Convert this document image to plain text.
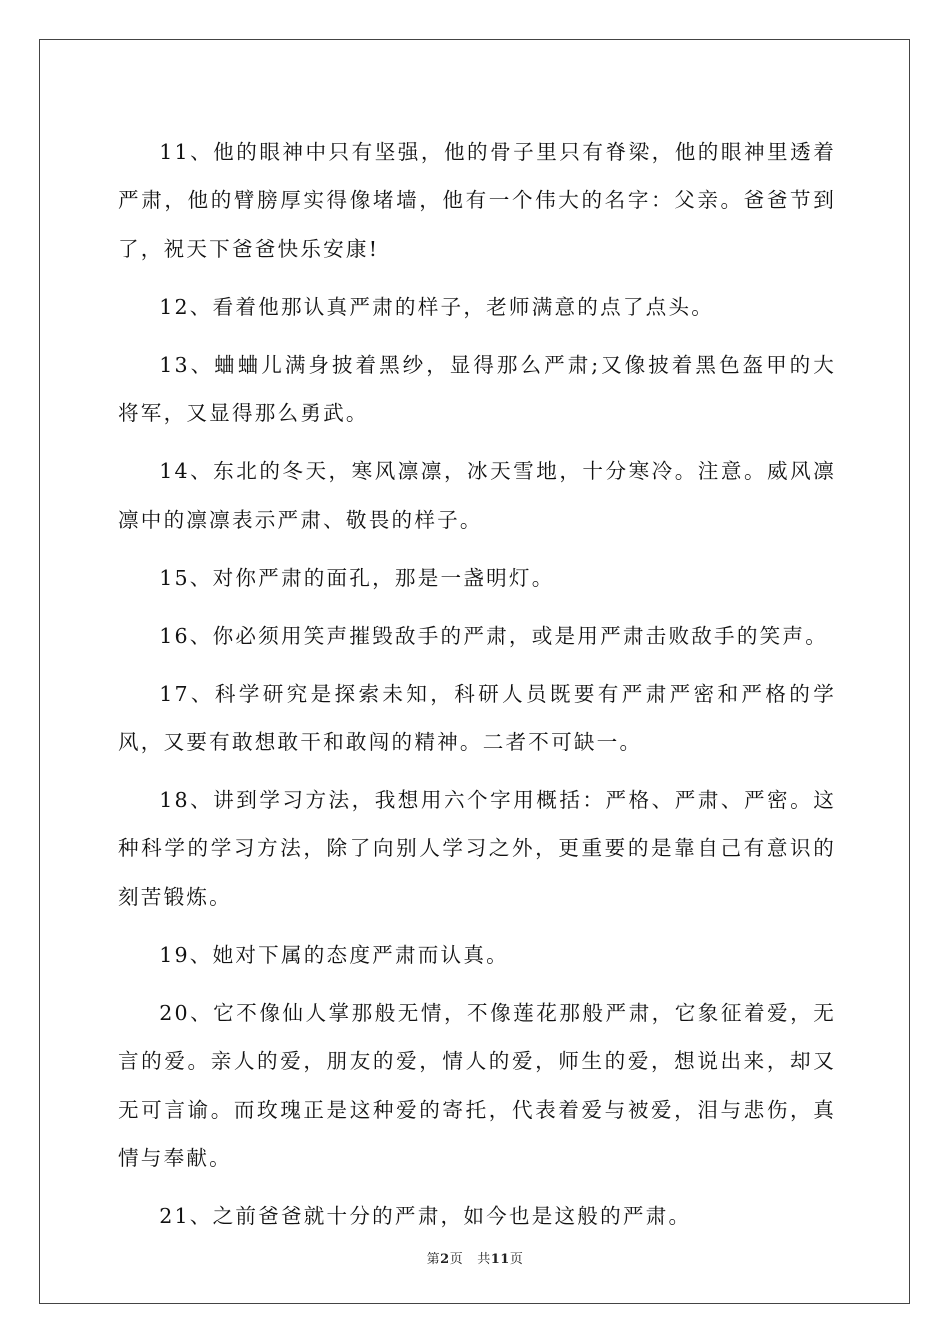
11、他的眼神中只有坚强，他的骨子里只有脊梁，他的眼神里透着严肃，他的臂膀厚实得像堵墙，他有一个伟大的名字：父亲。爸爸节到了，祝天下爸爸快乐安康!

12、看着他那认真严肃的样子，老师满意的点了点头。

13、蛐蛐儿满身披着黑纱，显得那么严肃;又像披着黑色盔甲的大将军，又显得那么勇武。

14、东北的冬天，寒风凛凛，冰天雪地，十分寒冷。注意。威风凛凛中的凛凛表示严肃、敬畏的样子。

15、对你严肃的面孔，那是一盏明灯。

16、你必须用笑声摧毁敌手的严肃，或是用严肃击败敌手的笑声。

17、科学研究是探索未知，科研人员既要有严肃严密和严格的学风，又要有敢想敢干和敢闯的精神。二者不可缺一。

18、讲到学习方法，我想用六个字用概括：严格、严肃、严密。这种科学的学习方法，除了向别人学习之外，更重要的是靠自己有意识的刻苦锻炼。

19、她对下属的态度严肃而认真。

20、它不像仙人掌那般无情，不像莲花那般严肃，它象征着爱，无言的爱。亲人的爱，朋友的爱，情人的爱，师生的爱，想说出来，却又无可言谕。而玫瑰正是这种爱的寄托，代表着爱与被爱，泪与悲伤，真情与奉献。

21、之前爸爸就十分的严肃，如今也是这般的严肃。

第2页 共11页
